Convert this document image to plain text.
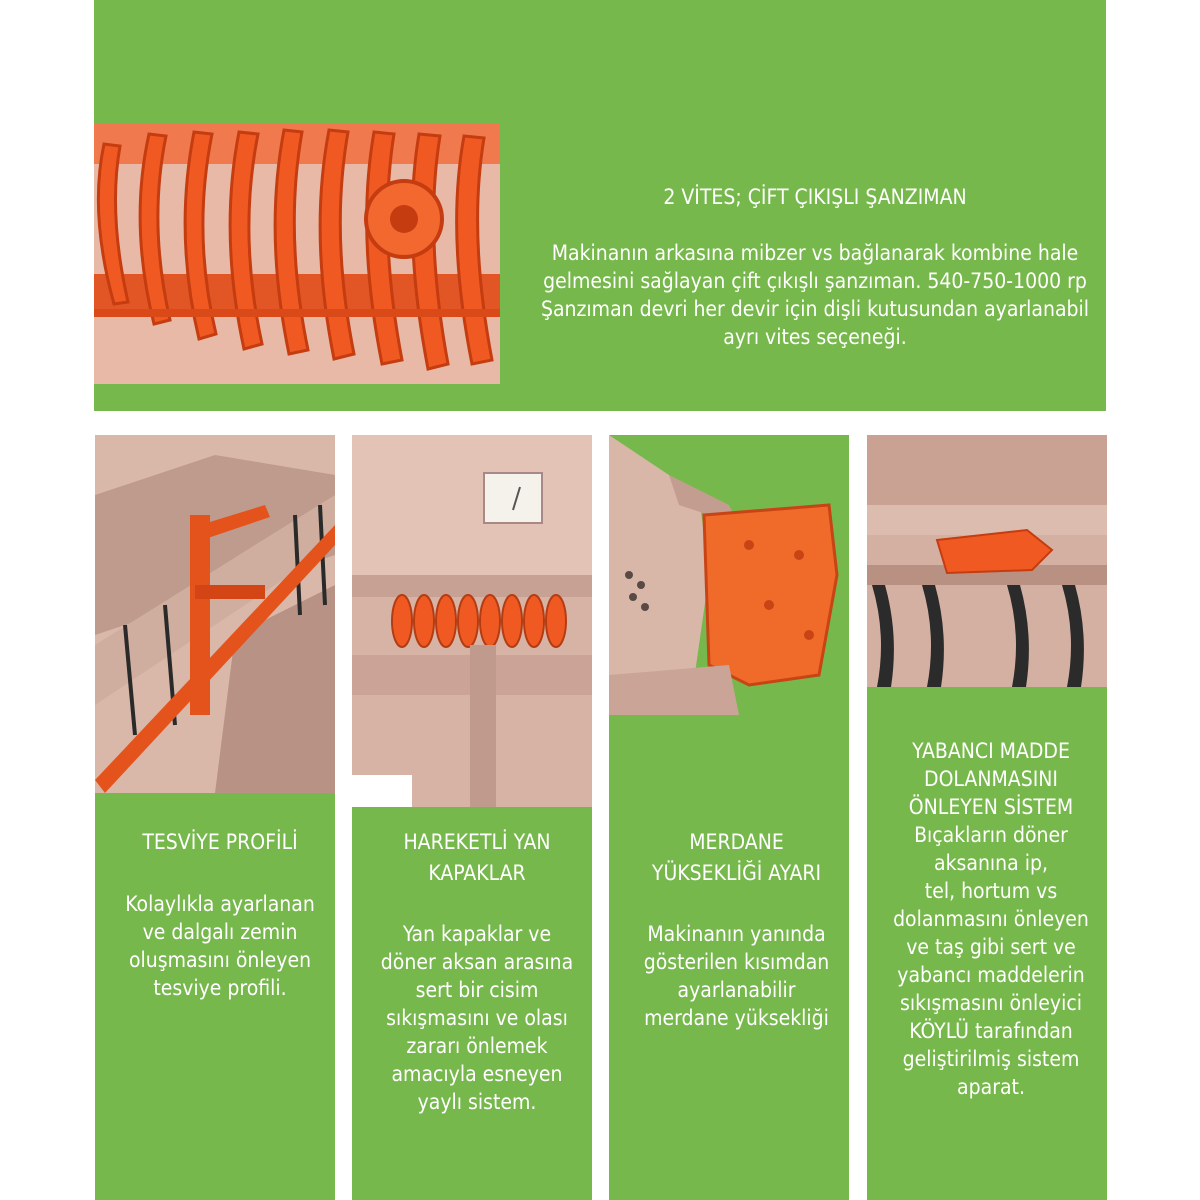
2 VİTES; ÇİFT ÇIKIŞLI ŞANZIMAN

Makinanın arkasına mibzer vs bağlanarak kombine hale
gelmesini sağlayan çift çıkışlı şanzıman. 540-750-1000 rp
Şanzıman devri her devir için dişli kutusundan ayarlanabil
ayrı vites seçeneği.

TESVİYE PROFİLİ
Kolaylıkla ayarlanan
ve dalgalı zemin
oluşmasını önleyen
tesviye profili.
HAREKETLİ YAN
KAPAKLAR
Yan kapaklar ve
döner aksan arasına
sert bir cisim
sıkışmasını ve olası
zararı önlemek
amacıyla esneyen
yaylı sistem.
MERDANE
YÜKSEKLİĞİ AYARI
Makinanın yanında
gösterilen kısımdan
ayarlanabilir
merdane yüksekliği
YABANCI MADDE
DOLANMASINI
ÖNLEYEN SİSTEM
Bıçakların döner
aksanına ip,
tel, hortum vs
dolanmasını önleyen
ve taş gibi sert ve
yabancı maddelerin
sıkışmasını önleyici
KÖYLÜ tarafından
geliştirilmiş sistem
aparat.
